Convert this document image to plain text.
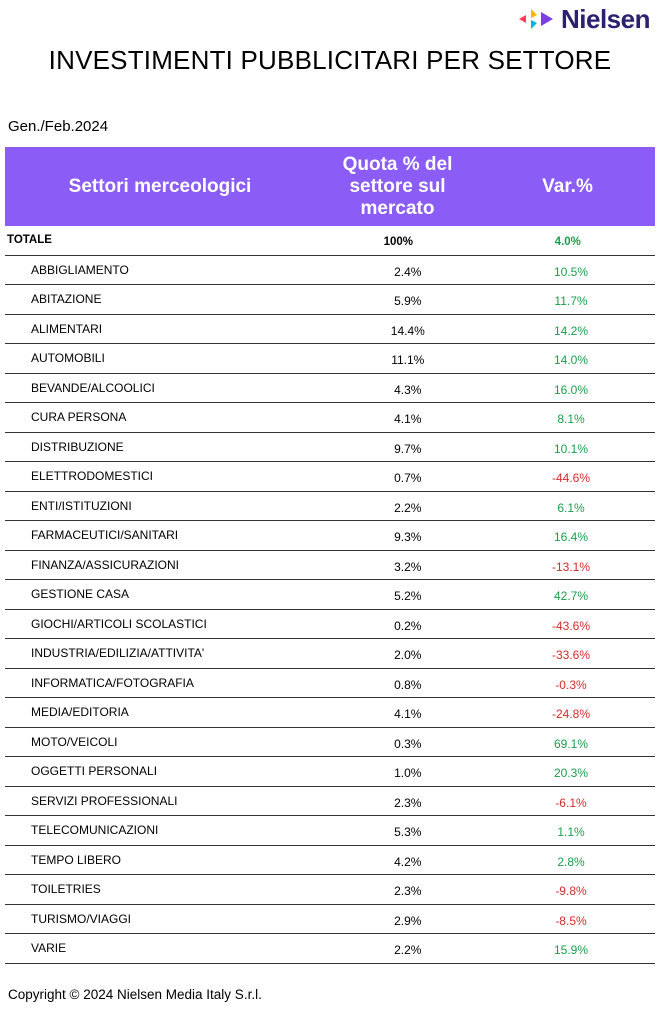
Nielsen
INVESTIMENTI PUBBLICITARI PER SETTORE
Gen./Feb.2024
Settori merceologici
Quota % del settore sul mercato
Var.%
TOTALE	100%	4.0%
ABBIGLIAMENTO	2.4%	10.5%
ABITAZIONE	5.9%	11.7%
ALIMENTARI	14.4%	14.2%
AUTOMOBILI	11.1%	14.0%
BEVANDE/ALCOOLICI	4.3%	16.0%
CURA PERSONA	4.1%	8.1%
DISTRIBUZIONE	9.7%	10.1%
ELETTRODOMESTICI	0.7%	-44.6%
ENTI/ISTITUZIONI	2.2%	6.1%
FARMACEUTICI/SANITARI	9.3%	16.4%
FINANZA/ASSICURAZIONI	3.2%	-13.1%
GESTIONE CASA	5.2%	42.7%
GIOCHI/ARTICOLI SCOLASTICI	0.2%	-43.6%
INDUSTRIA/EDILIZIA/ATTIVITA'	2.0%	-33.6%
INFORMATICA/FOTOGRAFIA	0.8%	-0.3%
MEDIA/EDITORIA	4.1%	-24.8%
MOTO/VEICOLI	0.3%	69.1%
OGGETTI PERSONALI	1.0%	20.3%
SERVIZI PROFESSIONALI	2.3%	-6.1%
TELECOMUNICAZIONI	5.3%	1.1%
TEMPO LIBERO	4.2%	2.8%
TOILETRIES	2.3%	-9.8%
TURISMO/VIAGGI	2.9%	-8.5%
VARIE	2.2%	15.9%
Copyright © 2024 Nielsen Media Italy S.r.l.
